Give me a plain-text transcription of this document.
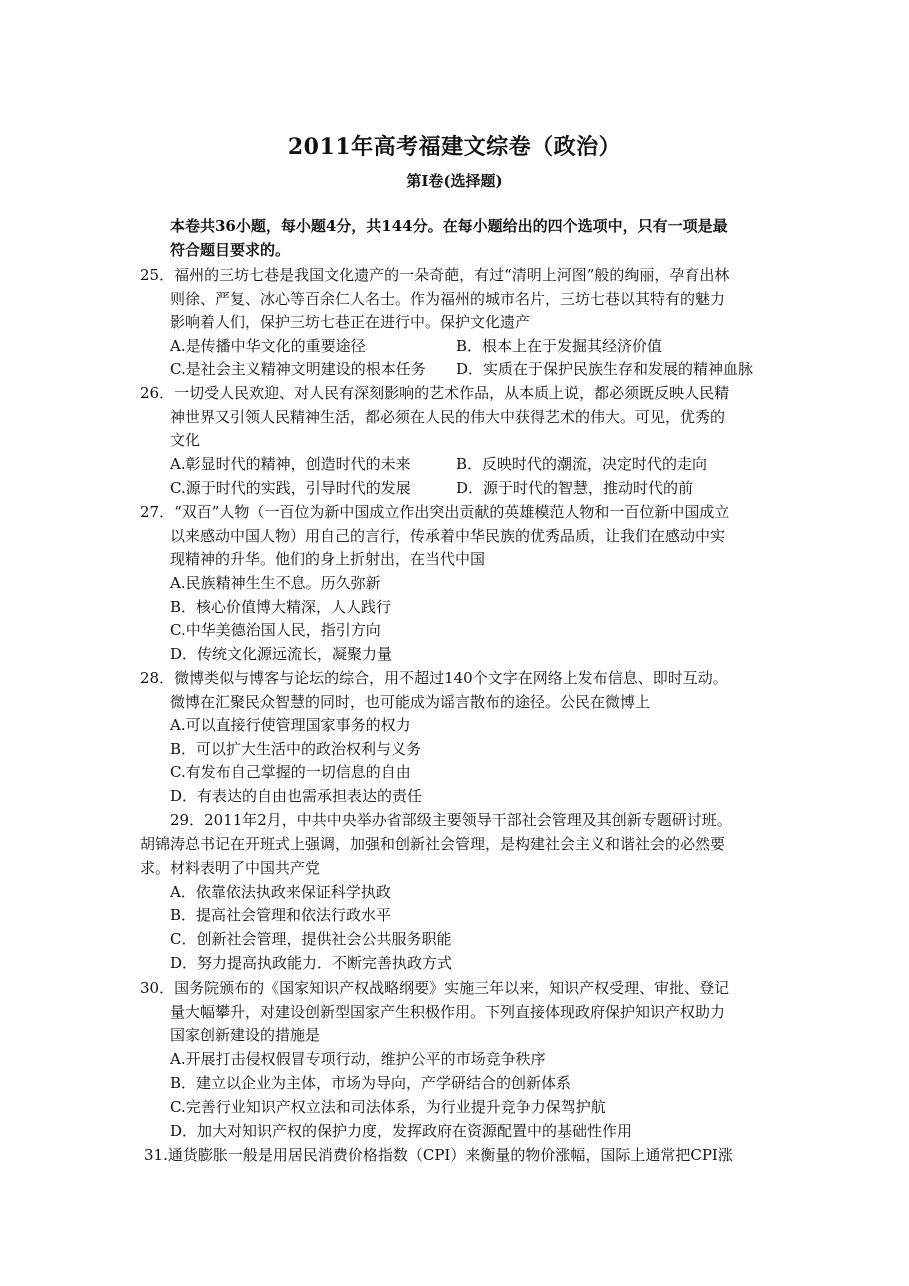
2011年高考福建文综卷（政治）
第Ⅰ卷(选择题)
本卷共36小题，每小题4分，共144分。在每小题给出的四个选项中，只有一项是最
符合题目要求的。
25．福州的三坊七巷是我国文化遗产的一朵奇葩，有过“清明上河图”般的绚丽，孕育出林
则徐、严复、冰心等百余仁人名士。作为福州的城市名片，三坊七巷以其特有的魅力
影响着人们，保护三坊七巷正在进行中。保护文化遗产
A.是传播中华文化的重要途径	B．根本上在于发掘其经济价值
C.是社会主义精神文明建设的根本任务 D．实质在于保护民族生存和发展的精神血脉
26．一切受人民欢迎、对人民有深刻影响的艺术作品，从本质上说，都必须既反映人民精
神世界又引领人民精神生活，都必须在人民的伟大中获得艺术的伟大。可见，优秀的
文化
A.彰显时代的精神，创造时代的未来	B．反映时代的潮流，决定时代的走向
C.源于时代的实践，引导时代的发展	D．源于时代的智慧，推动时代的前
27．“双百”人物（一百位为新中国成立作出突出贡献的英雄模范人物和一百位新中国成立
以来感动中国人物）用自己的言行，传承着中华民族的优秀品质，让我们在感动中实
现精神的升华。他们的身上折射出，在当代中国
A.民族精神生生不息。历久弥新
B．核心价值博大精深，人人践行
C.中华美德治国人民，指引方向
D．传统文化源远流长，凝聚力量
28．微博类似与博客与论坛的综合，用不超过140个文字在网络上发布信息、即时互动。
微博在汇聚民众智慧的同时，也可能成为谣言散布的途径。公民在微博上
A.可以直接行使管理国家事务的权力
B．可以扩大生活中的政治权利与义务
C.有发布自己掌握的一切信息的自由
D．有表达的自由也需承担表达的责任
29．2011年2月，中共中央举办省部级主要领导干部社会管理及其创新专题研讨班。
胡锦涛总书记在开班式上强调，加强和创新社会管理，是构建社会主义和谐社会的必然要
求。材料表明了中国共产党
A．依靠依法执政来保证科学执政
B．提高社会管理和依法行政水平
C．创新社会管理，提供社会公共服务职能
D．努力提高执政能力．不断完善执政方式
30．国务院颁布的《国家知识产权战略纲要》实施三年以来，知识产权受理、审批、登记
量大幅攀升，对建设创新型国家产生积极作用。下列直接体现政府保护知识产权助力
国家创新建设的措施是
A.开展打击侵权假冒专项行动，维护公平的市场竞争秩序
B．建立以企业为主体，市场为导向，产学研结合的创新体系
C.完善行业知识产权立法和司法体系，为行业提升竞争力保驾护航
D．加大对知识产权的保护力度，发挥政府在资源配置中的基础性作用
31.通货膨胀一般是用居民消费价格指数（CPI）来衡量的物价涨幅，国际上通常把CPI涨
